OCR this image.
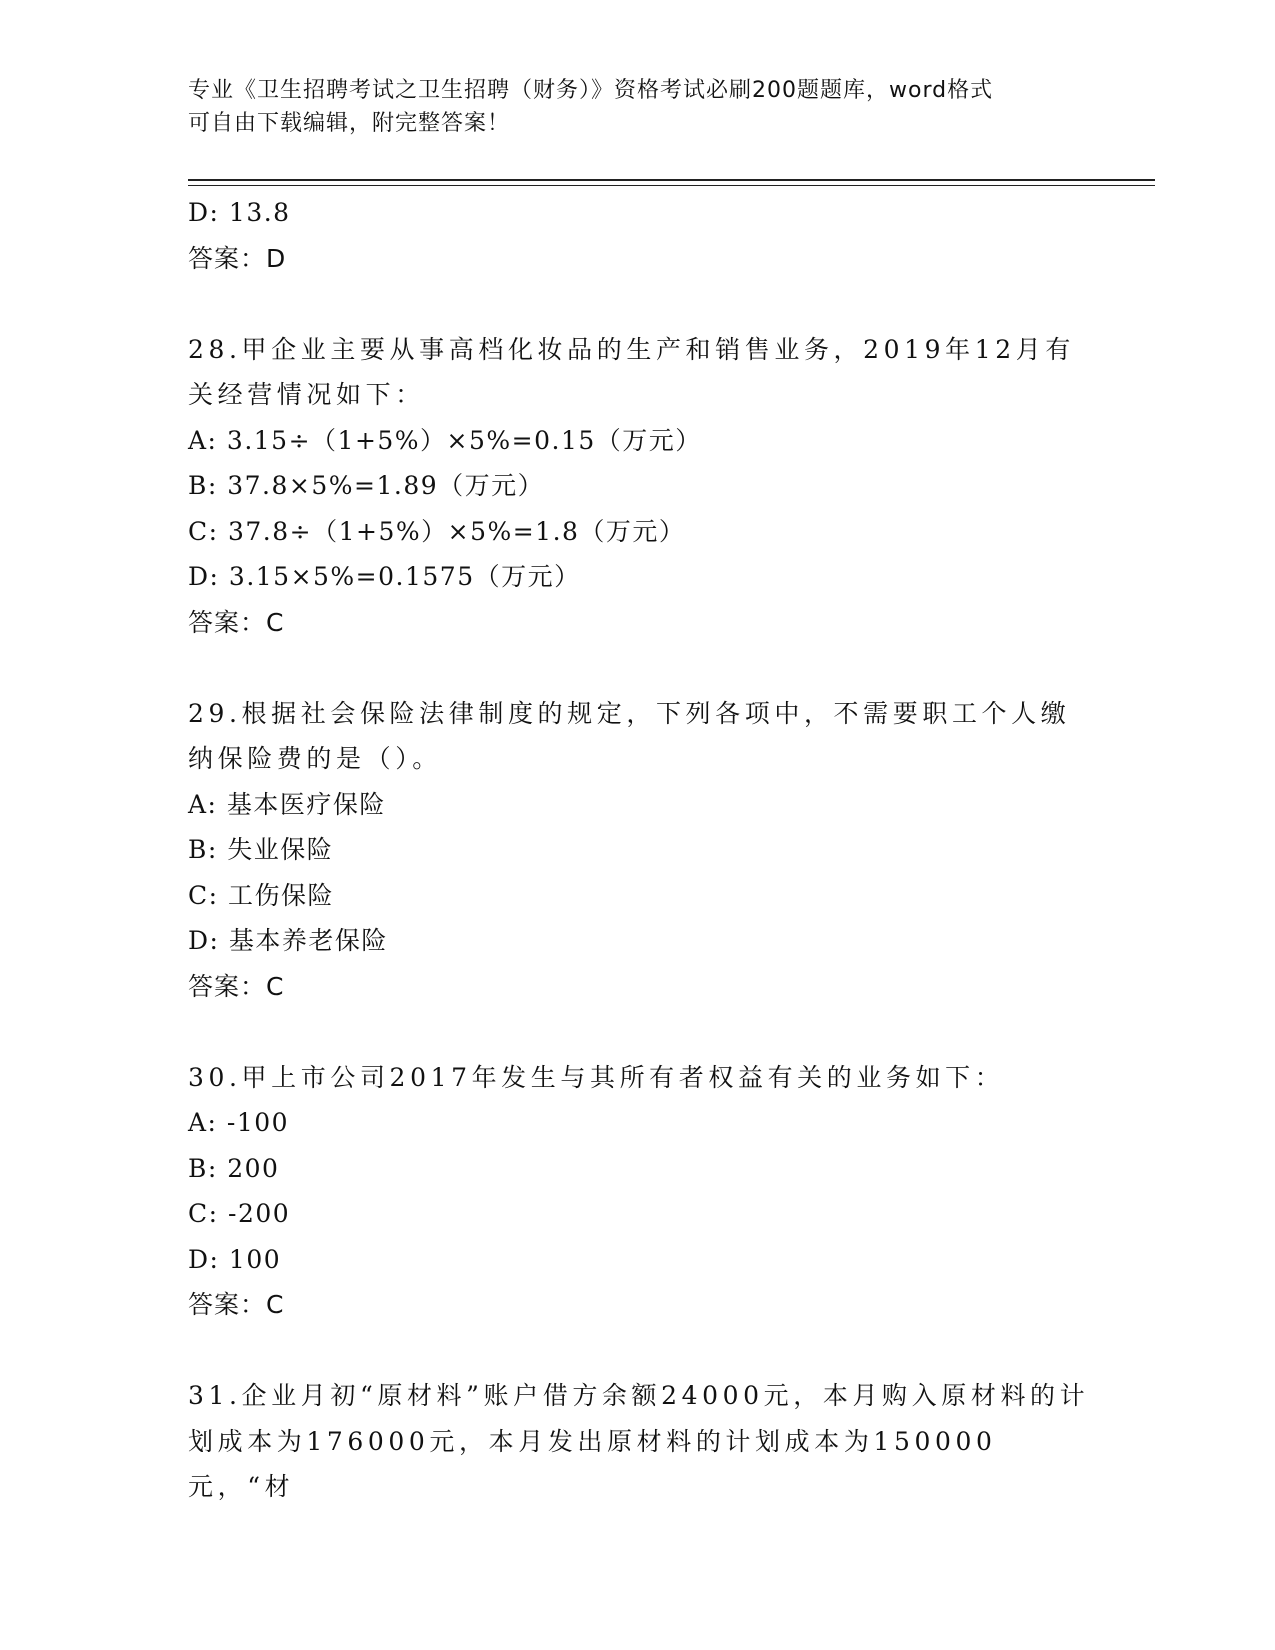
专业《卫生招聘考试之卫生招聘（财务）》资格考试必刷200题题库，word格式
可自由下载编辑，附完整答案！
D: 13.8
答案：D
28.甲企业主要从事高档化妆品的生产和销售业务，2019年12月有关经营情况如下：
A: 3.15÷（1+5%）×5%=0.15（万元）
B: 37.8×5%=1.89（万元）
C: 37.8÷（1+5%）×5%=1.8（万元）
D: 3.15×5%=0.1575（万元）
答案：C
29.根据社会保险法律制度的规定，下列各项中，不需要职工个人缴纳保险费的是（）。
A: 基本医疗保险
B: 失业保险
C: 工伤保险
D: 基本养老保险
答案：C
30.甲上市公司2017年发生与其所有者权益有关的业务如下：
A: -100
B: 200
C: -200
D: 100
答案：C
31.企业月初“原材料”账户借方余额24000元，本月购入原材料的计划成本为176000元，本月发出原材料的计划成本为150000元，“材
